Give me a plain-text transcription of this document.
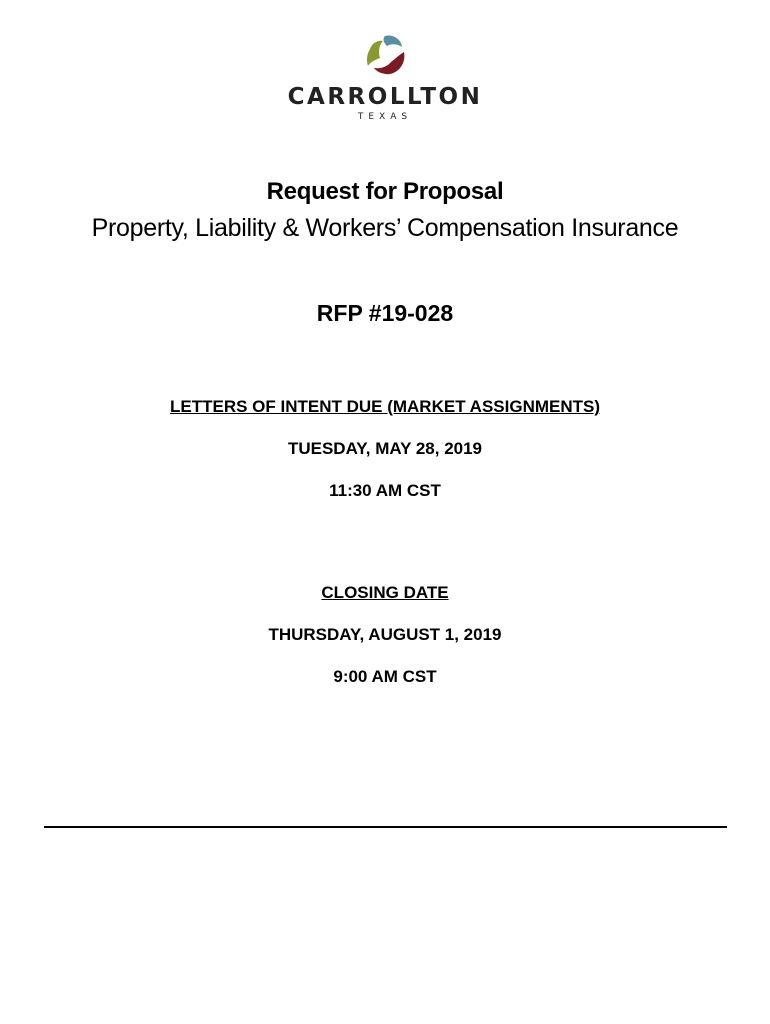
CARROLLTON
TEXAS
Request for Proposal
Property, Liability & Workers’ Compensation Insurance
RFP #19-028
LETTERS OF INTENT DUE (MARKET ASSIGNMENTS)
TUESDAY, MAY 28, 2019
11:30 AM CST
CLOSING DATE
THURSDAY, AUGUST 1, 2019
9:00 AM CST
